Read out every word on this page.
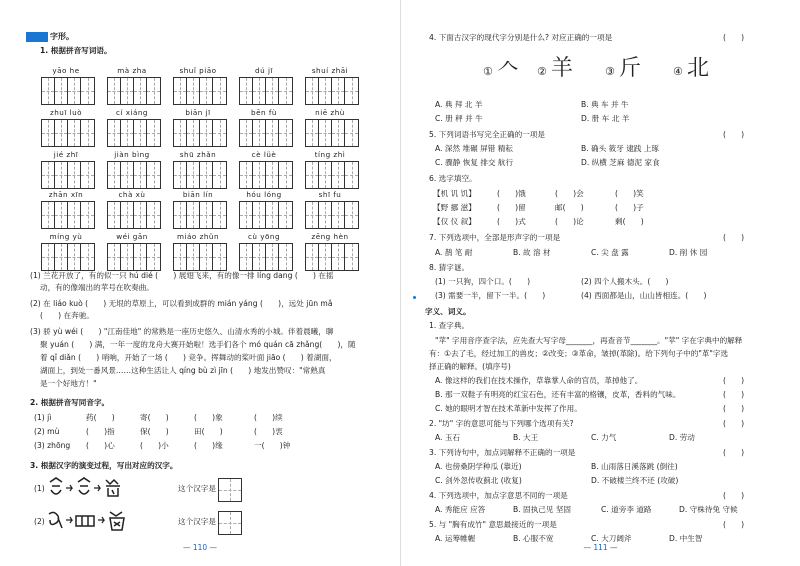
字形。
1. 根据拼音写词语。
yāo he	mà zha	shuǐ piāo	dú jī	shuí zhāi
zhuī luò	cí xiáng	biān jī	bēn fù	niē zhù
jié zhī	jiàn bìng	shū zhǎn	cè lüè	tíng zhì
zhān xīn	chà xù	biān lín	hóu lóng	shī fu
míng yù	wéi gān	miáo zhǔn	cù yōng	zēng hèn
(1) 兰花开放了，有的似一只 hú dié (　　) 展翅飞来，有的像一排 líng dang (　　) 在摇
动，有的像端出的苹号在吹奏曲。
(2) 在 liáo kuò (　　) 无垠的草原上，可以看到成群的 mián yáng (　　)，远处 jūn mǎ
(　　) 在奔驰。
(3) 骄 yù wéi (　　) "江南佳地" 的常熟是一座历史悠久、山清水秀的小城。伴着晨曦，聊
聚 yuán (　　) 满，一年一度的龙舟大赛开始啦！选手们各个 mó quán cā zhǎng(　　)，随
着 qǐ diǎn (　　) 哨响，开始了一场 (　　) 竞争。挥舞动的桨叶面 jiāo (　　) 着湖面，
湖面上，到处一番风景……这种生活让人 qíng bù zì jīn (　　) 地发出赞叹："常熟真
是一个好地方！"
2. 根据拼音写同音字。
(1) jì	药(　　)	寄(　　)	(　　)象	(　　)续
(2) mù	(　　)指	保(　　)	田(　　)	(　　)衷
(3) zhōng (　　)心	(　　)小	(　　)缘	一(　　)钟
3. 根据汉字的演变过程，写出对应的汉字。
(1)	这个汉字是
(2)	这个汉字是
— 110 —
4. 下面古汉字的现代字分别是什么? 对应正确的一项是	(　　)
① 𠆢 ② 羊	③ 斤	④ 北
A. 典 拜 北 羊	B. 典 车 并 牛
C. 册 秤 并 牛	D. 册 车 北 羊
5. 下列词语书写完全正确的一项是	(　　)
A. 深然 堆碾 屏错 精耘	B. 确头 筱牙 逮践 上琢
C. 骤静 恢复 排交 航行	D. 纵横 芝麻 德泥 家食
6. 选字填空。
【机 讥 饥】	(　　)饿	(　　)会	(　　)笑
【野 挪 滋】	(　　)留	邮(　　)	(　　)子
【仅 仪 叙】	(　　)式	(　　)论	剩(　　)
7. 下列选项中，全部是形声字的一项是	(　　)
A. 鹊 笔 耐	B. 故 溶 材	C. 尖 盘 露	D. 削 休 园
8. 猜字谜。
(1) 一只狗，四个口。(　　)	(2) 四个人搬木头。(　　)
(3) 需要一半，留下一半。(　　)	(4) 西面都是山，山山皆相连。(　　)
字义、词义。
1. 查字典。
"苹" 字用音序查字法，应先查大写字母_______，再查音节_______。"苹" 字在字典中的解释
有：①去了毛，经过加工的兽皮；②改变；③革命，皱掉(革除)。给下列句子中的"革"字选
择正确的解释。(填序号)
A. 像这样的我们在技术操作，草靠掌人命的官员，革掉他了。	(　　)
B. 那一双鞋子有明亮的红宝石色，还有丰富的格镶，皮革，香料的气味。	(　　)
C. 她的眼明才智在技术革新中发挥了作用。	(　　)
2. "坊" 字的意思可能与下列哪个选项有关?	(　　)
A. 玉石	B. 大王	C. 力气	D. 劳动
3. 下列诗句中，加点词解释不正确的一项是	(　　)
A. 也傍桑阴学种瓜 (靠近)	B. 山雨落日溪落跳 (倒往)
C. 剑外忽传收蓟北 (收复)	D. 不破楼兰终不还 (攻破)
4. 下列选项中，加点字意思不同的一项是	(　　)
A. 秀能应 应答	B. 固执己见 坚固	C. 道旁李 道路	D. 守株待兔 守候
5. 与 "胸有成竹" 意思最接近的一项是	(　　)
A. 运筹帷幄	B. 心服不宽	C. 大刀阔斧	D. 中生智
— 111 —
